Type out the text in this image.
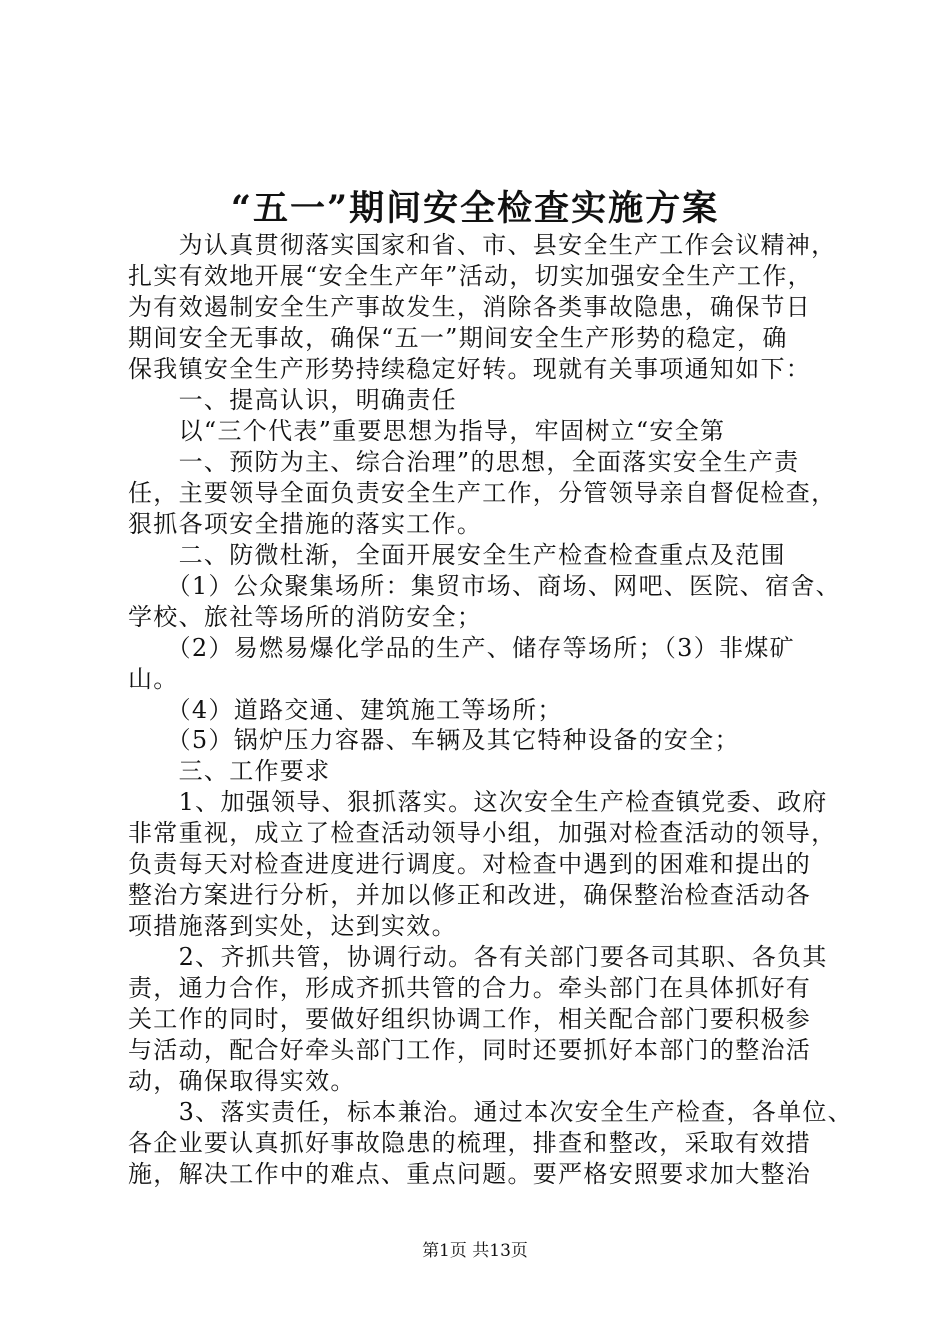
“五一”期间安全检查实施方案
　　为认真贯彻落实国家和省、市、县安全生产工作会议精神，
扎实有效地开展“安全生产年”活动，切实加强安全生产工作，
为有效遏制安全生产事故发生，消除各类事故隐患，确保节日
期间安全无事故，确保“五一”期间安全生产形势的稳定，确
保我镇安全生产形势持续稳定好转。现就有关事项通知如下：
　　一、提高认识，明确责任
　　以“三个代表”重要思想为指导，牢固树立“安全第
　　一、预防为主、综合治理”的思想，全面落实安全生产责
任，主要领导全面负责安全生产工作，分管领导亲自督促检查，
狠抓各项安全措施的落实工作。
　　二、防微杜渐，全面开展安全生产检查检查重点及范围
　　（1）公众聚集场所：集贸市场、商场、网吧、医院、宿舍、
学校、旅社等场所的消防安全；
　　（2）易燃易爆化学品的生产、储存等场所；（3）非煤矿
山。
　　（4）道路交通、建筑施工等场所；
　　（5）锅炉压力容器、车辆及其它特种设备的安全；
　　三、工作要求
　　1、加强领导、狠抓落实。这次安全生产检查镇党委、政府
非常重视，成立了检查活动领导小组，加强对检查活动的领导，
负责每天对检查进度进行调度。对检查中遇到的困难和提出的
整治方案进行分析，并加以修正和改进，确保整治检查活动各
项措施落到实处，达到实效。
　　2、齐抓共管，协调行动。各有关部门要各司其职、各负其
责，通力合作，形成齐抓共管的合力。牵头部门在具体抓好有
关工作的同时，要做好组织协调工作，相关配合部门要积极参
与活动，配合好牵头部门工作，同时还要抓好本部门的整治活
动，确保取得实效。
　　3、落实责任，标本兼治。通过本次安全生产检查，各单位、
各企业要认真抓好事故隐患的梳理，排查和整改，采取有效措
施，解决工作中的难点、重点问题。要严格安照要求加大整治
第1页 共13页
